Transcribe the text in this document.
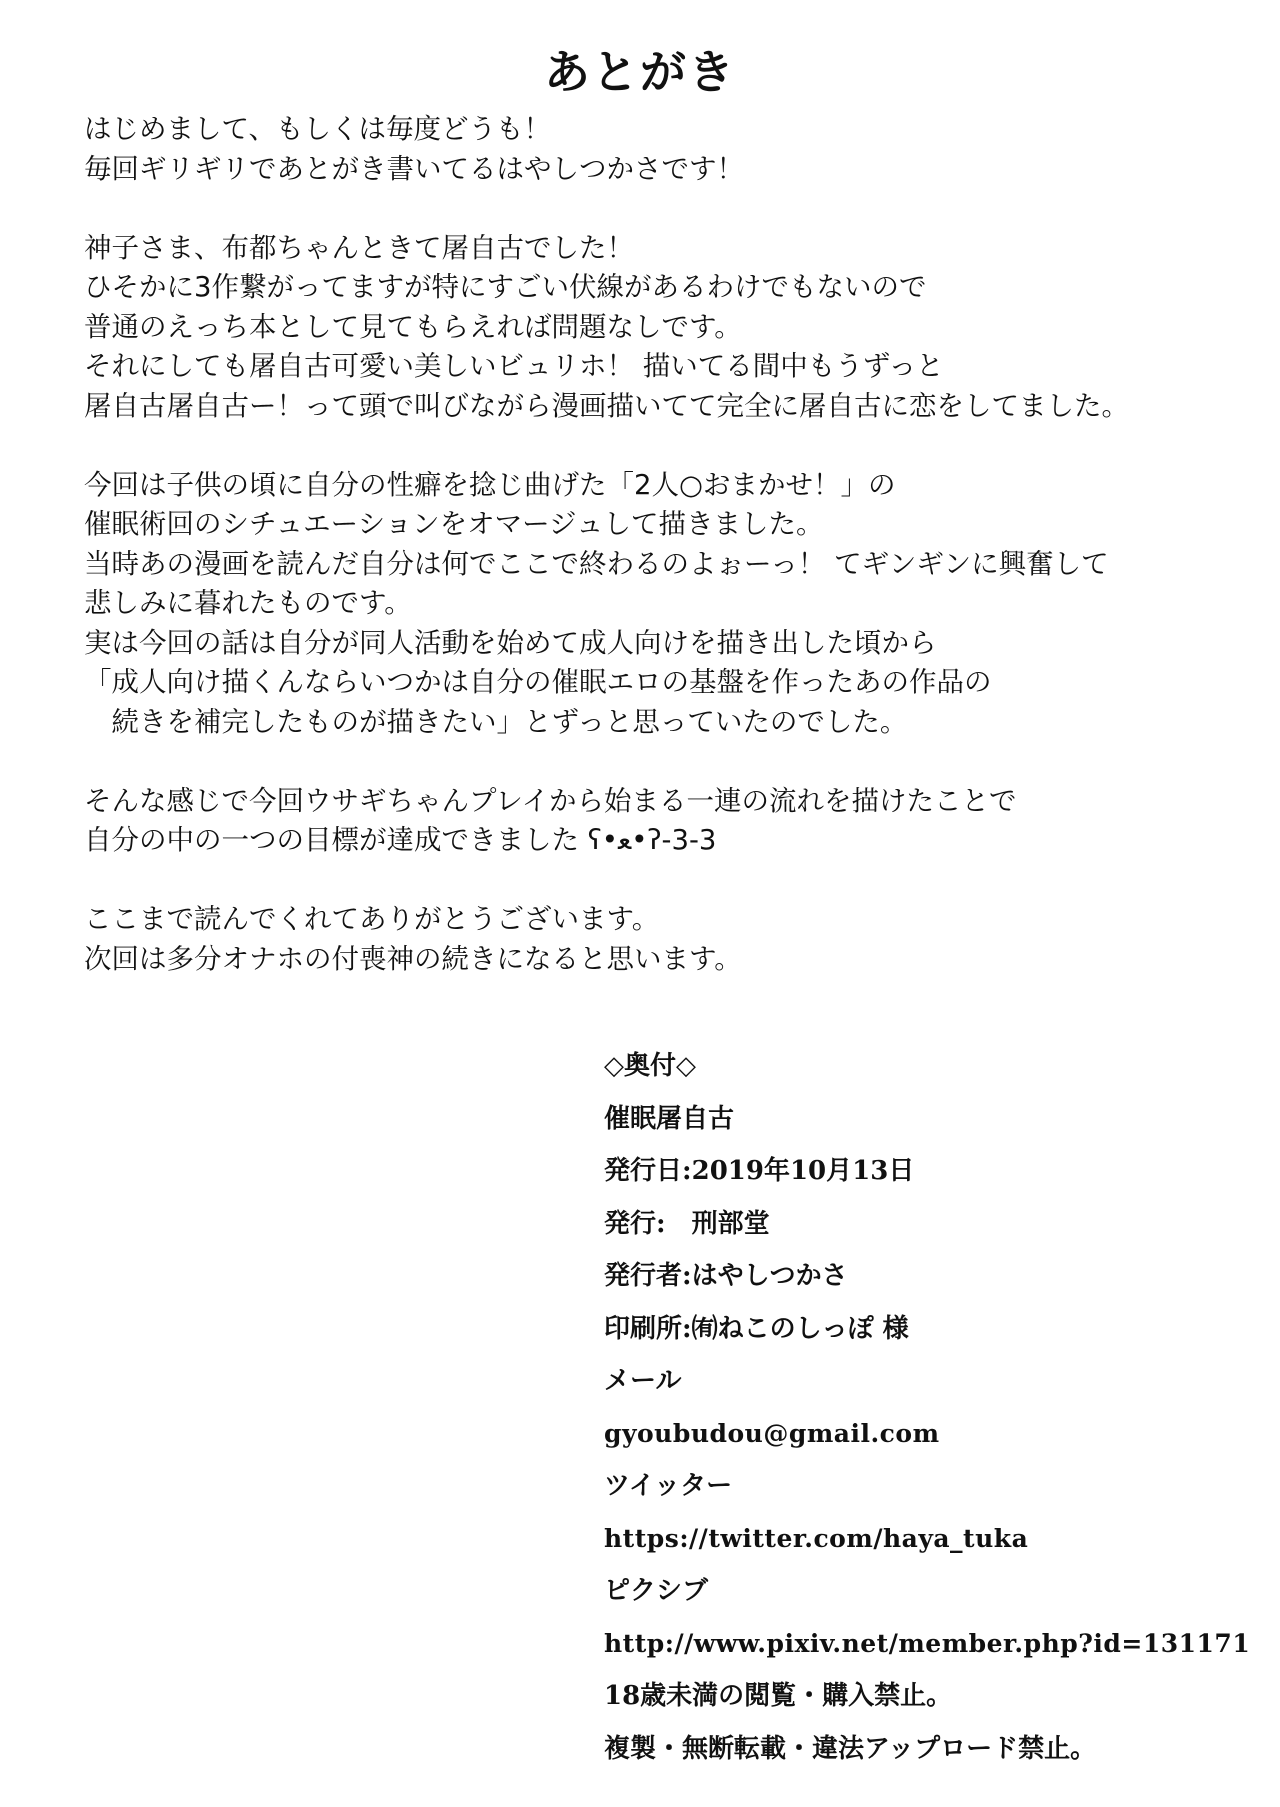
あとがき
はじめまして、もしくは毎度どうも！
毎回ギリギリであとがき書いてるはやしつかさです！
神子さま、布都ちゃんときて屠自古でした！
ひそかに3作繋がってますが特にすごい伏線があるわけでもないので
普通のえっち本として見てもらえれば問題なしです。
それにしても屠自古可愛い美しいビュリホ！ 描いてる間中もうずっと
屠自古屠自古ー！って頭で叫びながら漫画描いてて完全に屠自古に恋をしてました。
今回は子供の頃に自分の性癖を捻じ曲げた「2人○おまかせ！」の
催眠術回のシチュエーションをオマージュして描きました。
当時あの漫画を読んだ自分は何でここで終わるのよぉーっ！ てギンギンに興奮して
悲しみに暮れたものです。
実は今回の話は自分が同人活動を始めて成人向けを描き出した頃から
「成人向け描くんならいつかは自分の催眠エロの基盤を作ったあの作品の
　続きを補完したものが描きたい」とずっと思っていたのでした。
そんな感じで今回ウサギちゃんプレイから始まる一連の流れを描けたことで
自分の中の一つの目標が達成できました ʕ•ﻌ•ʔ-3-3
ここまで読んでくれてありがとうございます。
次回は多分オナホの付喪神の続きになると思います。
◇奥付◇
催眠屠自古
発行日:2019年10月13日
発行:　刑部堂
発行者:はやしつかさ
印刷所:㈲ねこのしっぽ 様
メール
gyoubudou@gmail.com
ツイッター
https://twitter.com/haya_tuka
ピクシブ
http://www.pixiv.net/member.php?id=131171
18歳未満の閲覧・購入禁止。
複製・無断転載・違法アップロード禁止。
